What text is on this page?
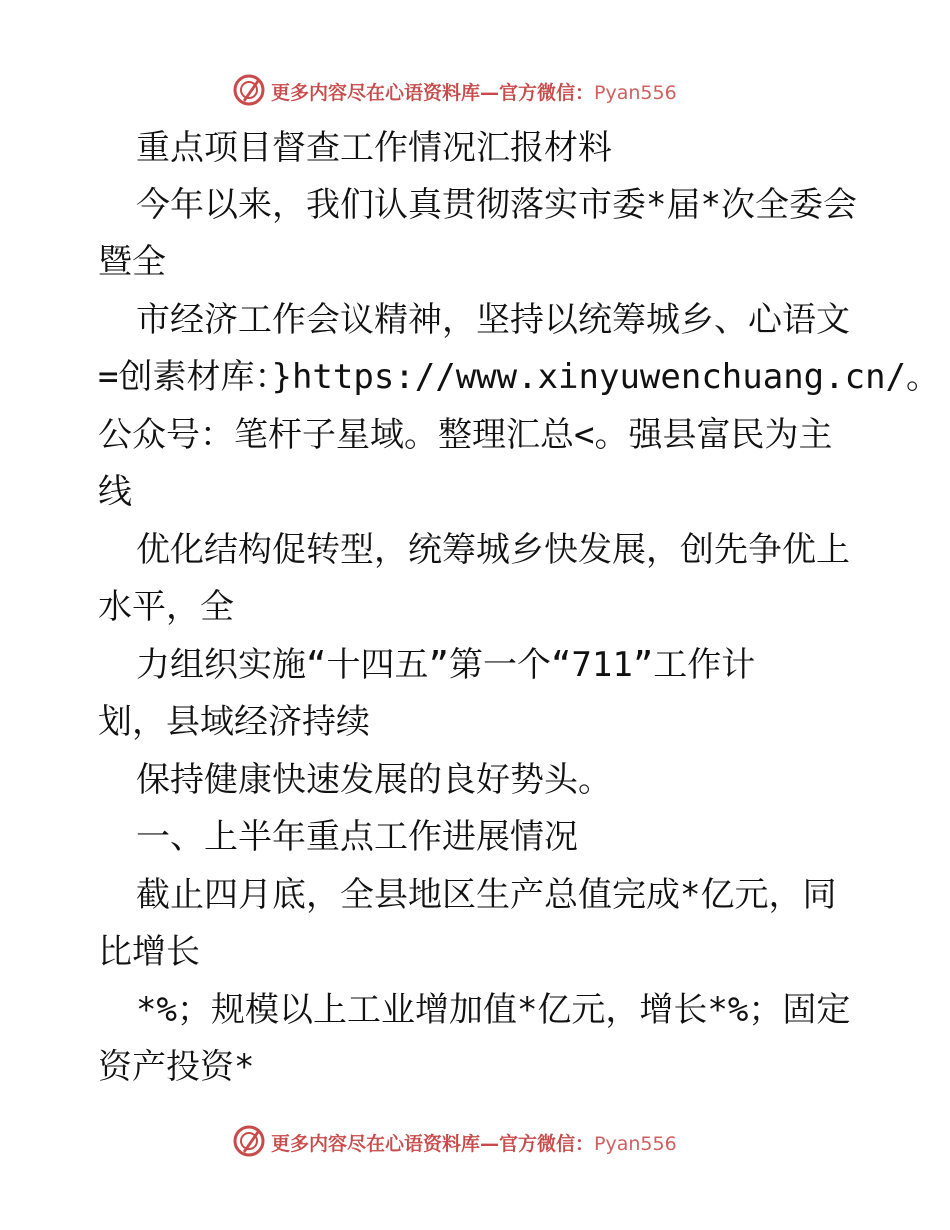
更多内容尽在心语资料库—官方微信：Pyan556
重点项目督查工作情况汇报材料
今年以来，我们认真贯彻落实市委*届*次全委会
暨全
市经济工作会议精神，坚持以统筹城乡、心语文
=创素材库：}https://www.xinyuwenchuang.cn/。
公众号：笔杆子星域。整理汇总<。强县富民为主
线
优化结构促转型，统筹城乡快发展，创先争优上
水平，全
力组织实施“十四五”第一个“711”工作计
划，县域经济持续
保持健康快速发展的良好势头。
一、上半年重点工作进展情况
截止四月底，全县地区生产总值完成*亿元，同
比增长
*%；规模以上工业增加值*亿元，增长*%；固定
资产投资*
更多内容尽在心语资料库—官方微信：Pyan556
